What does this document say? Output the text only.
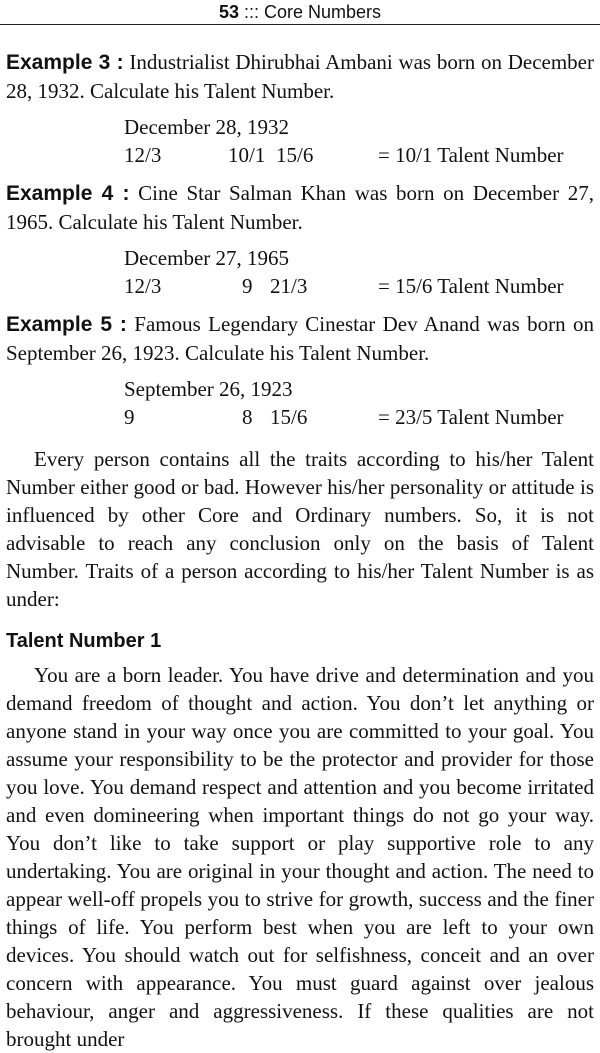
53 ::: Core Numbers

Example 3 : Industrialist Dhirubhai Ambani was born on December 28, 1932. Calculate his Talent Number.

December 28, 1932
12/3	10/1 15/6	= 10/1 Talent Number

Example 4 : Cine Star Salman Khan was born on December 27, 1965. Calculate his Talent Number.

December 27, 1965
12/3	9 21/3	= 15/6 Talent Number

Example 5 : Famous Legendary Cinestar Dev Anand was born on September 26, 1923. Calculate his Talent Number.

September 26, 1923
9	8 15/6	= 23/5 Talent Number

Every person contains all the traits according to his/her Talent Number either good or bad. However his/her personality or attitude is influenced by other Core and Ordinary numbers. So, it is not advisable to reach any conclusion only on the basis of Talent Number. Traits of a person according to his/her Talent Number is as under:

Talent Number 1

You are a born leader. You have drive and determination and you demand freedom of thought and action. You don’t let anything or anyone stand in your way once you are committed to your goal. You assume your responsibility to be the protector and provider for those you love. You demand respect and attention and you become irritated and even domineering when important things do not go your way. You don’t like to take support or play supportive role to any undertaking. You are original in your thought and action. The need to appear well-off propels you to strive for growth, success and the finer things of life. You perform best when you are left to your own devices. You should watch out for selfishness, conceit and an over concern with appearance. You must guard against over jealous behaviour, anger and aggressiveness. If these qualities are not brought under
